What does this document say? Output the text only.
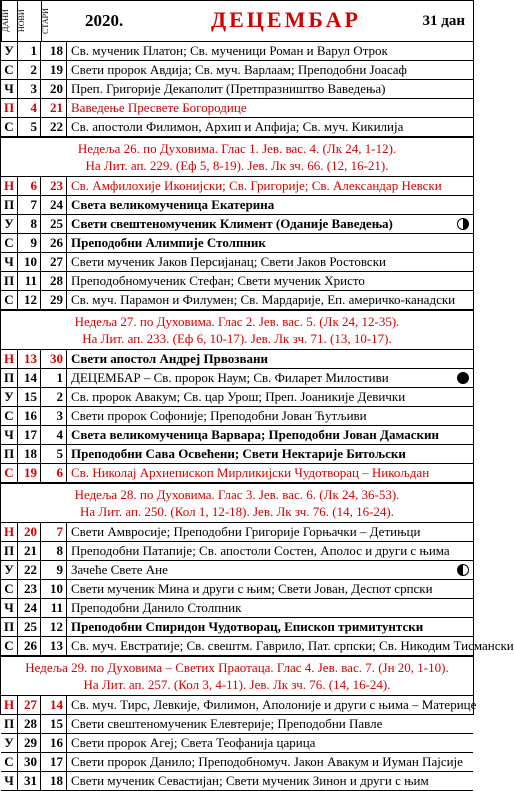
ДАНИ НОВИ	СТАРИ	2020.	ДЕЦЕМБАР	31 дан
У	1	18 Св. мученик Платон; Св. мученици Роман и Варул Отрок
С	2	19 Свети пророк Авдија; Св. муч. Варлаам; Преподобни Јоасаф
Ч	3	20 Преп. Григорије Декаполит (Претпразништво Ваведења)
П	4	21 Ваведење Пресвете Богородице
С	5	22 Св. апостоли Филимон, Архип и Апфија; Св. муч. Кикилија
Недеља 26. по Духовима. Глас 1. Јев. вас. 4. (Лк 24, 1-12).
На Лит. ап. 229. (Еф 5, 8-19). Јев. Лк зч. 66. (12, 16-21).
Н	6	23 Св. Амфилохије Иконијски; Св. Григорије; Св. Александар Невски
П	7	24 Света великомученица Екатерина
У	8	25 Свети свештеномученик Климент (Оданије Ваведења)
С	9	26 Преподобни Алимпије Столпник
Ч 10	27 Свети мученик Јаков Персијанац; Свети Јаков Ростовски
П 11	28 Преподобномученик Стефан; Свети мученик Христо
С 12	29 Св. муч. Парамон и Филумен; Св. Мардарије, Еп. америчко-канадски
Недеља 27. по Духовима. Глас 2. Јев. вас. 5. (Лк 24, 12-35).
На Лит. ап. 233. (Еф 6, 10-17). Јев. Лк зч. 71. (13, 10-17).
Н 13	30 Свети апостол Андреј Првозвани
П 14	1 ДЕЦЕМБАР – Св. пророк Наум; Св. Филарет Милостиви
У 15	2 Св. пророк Авакум; Св. цар Урош; Преп. Јоаникије Девички
С 16	3 Свети пророк Софоније; Преподобни Јован Ћутљиви
Ч 17	4 Света великомученица Варвара; Преподобни Јован Дамаскин
П 18	5 Преподобни Сава Освећени; Свети Нектарије Битољски
С 19	6 Св. Николај Архиепископ Мирликијски Чудотворац – Никољдан
Недеља 28. по Духовима. Глас 3. Јев. вас. 6. (Лк 24, 36-53).
На Лит. ап. 250. (Кол 1, 12-18). Јев. Лк зч. 76. (14, 16-24).
Н 20	7 Свети Амвросије; Преподобни Григорије Горњачки – Детињци
П 21	8 Преподобни Патапије; Св. апостоли Состен, Аполос и други с њима
У 22	9 Зачеће Свете Ане
С 23	10 Свети мученик Мина и други с њим; Свети Јован, Деспот српски
Ч 24	11 Преподобни Данило Столпник
П 25	12 Преподобни Спиридон Чудотворац, Епископ тримитунтски
С 26	13 Св. муч. Евстратије; Св. свештм. Гаврило, Пат. српски; Св. Никодим Тисмански
Недеља 29. по Духовима – Светих Праотаца. Глас 4. Јев. вас. 7. (Јн 20, 1-10).
На Лит. ап. 257. (Кол 3, 4-11). Јев. Лк зч. 76. (14, 16-24).
Н 27	14 Св. муч. Тирс, Левкије, Филимон, Аполоније и други с њима – Материце
П 28	15 Свети свештеномученик Елевтерије; Преподобни Павле
У 29	16 Свети пророк Агеј; Света Теофанија царица
С 30	17 Свети пророк Данило; Преподобномуч. Јакон Авакум и Иуман Пајсије
Ч 31	18 Свети мученик Севастијан; Свети мученик Зинон и други с њим
